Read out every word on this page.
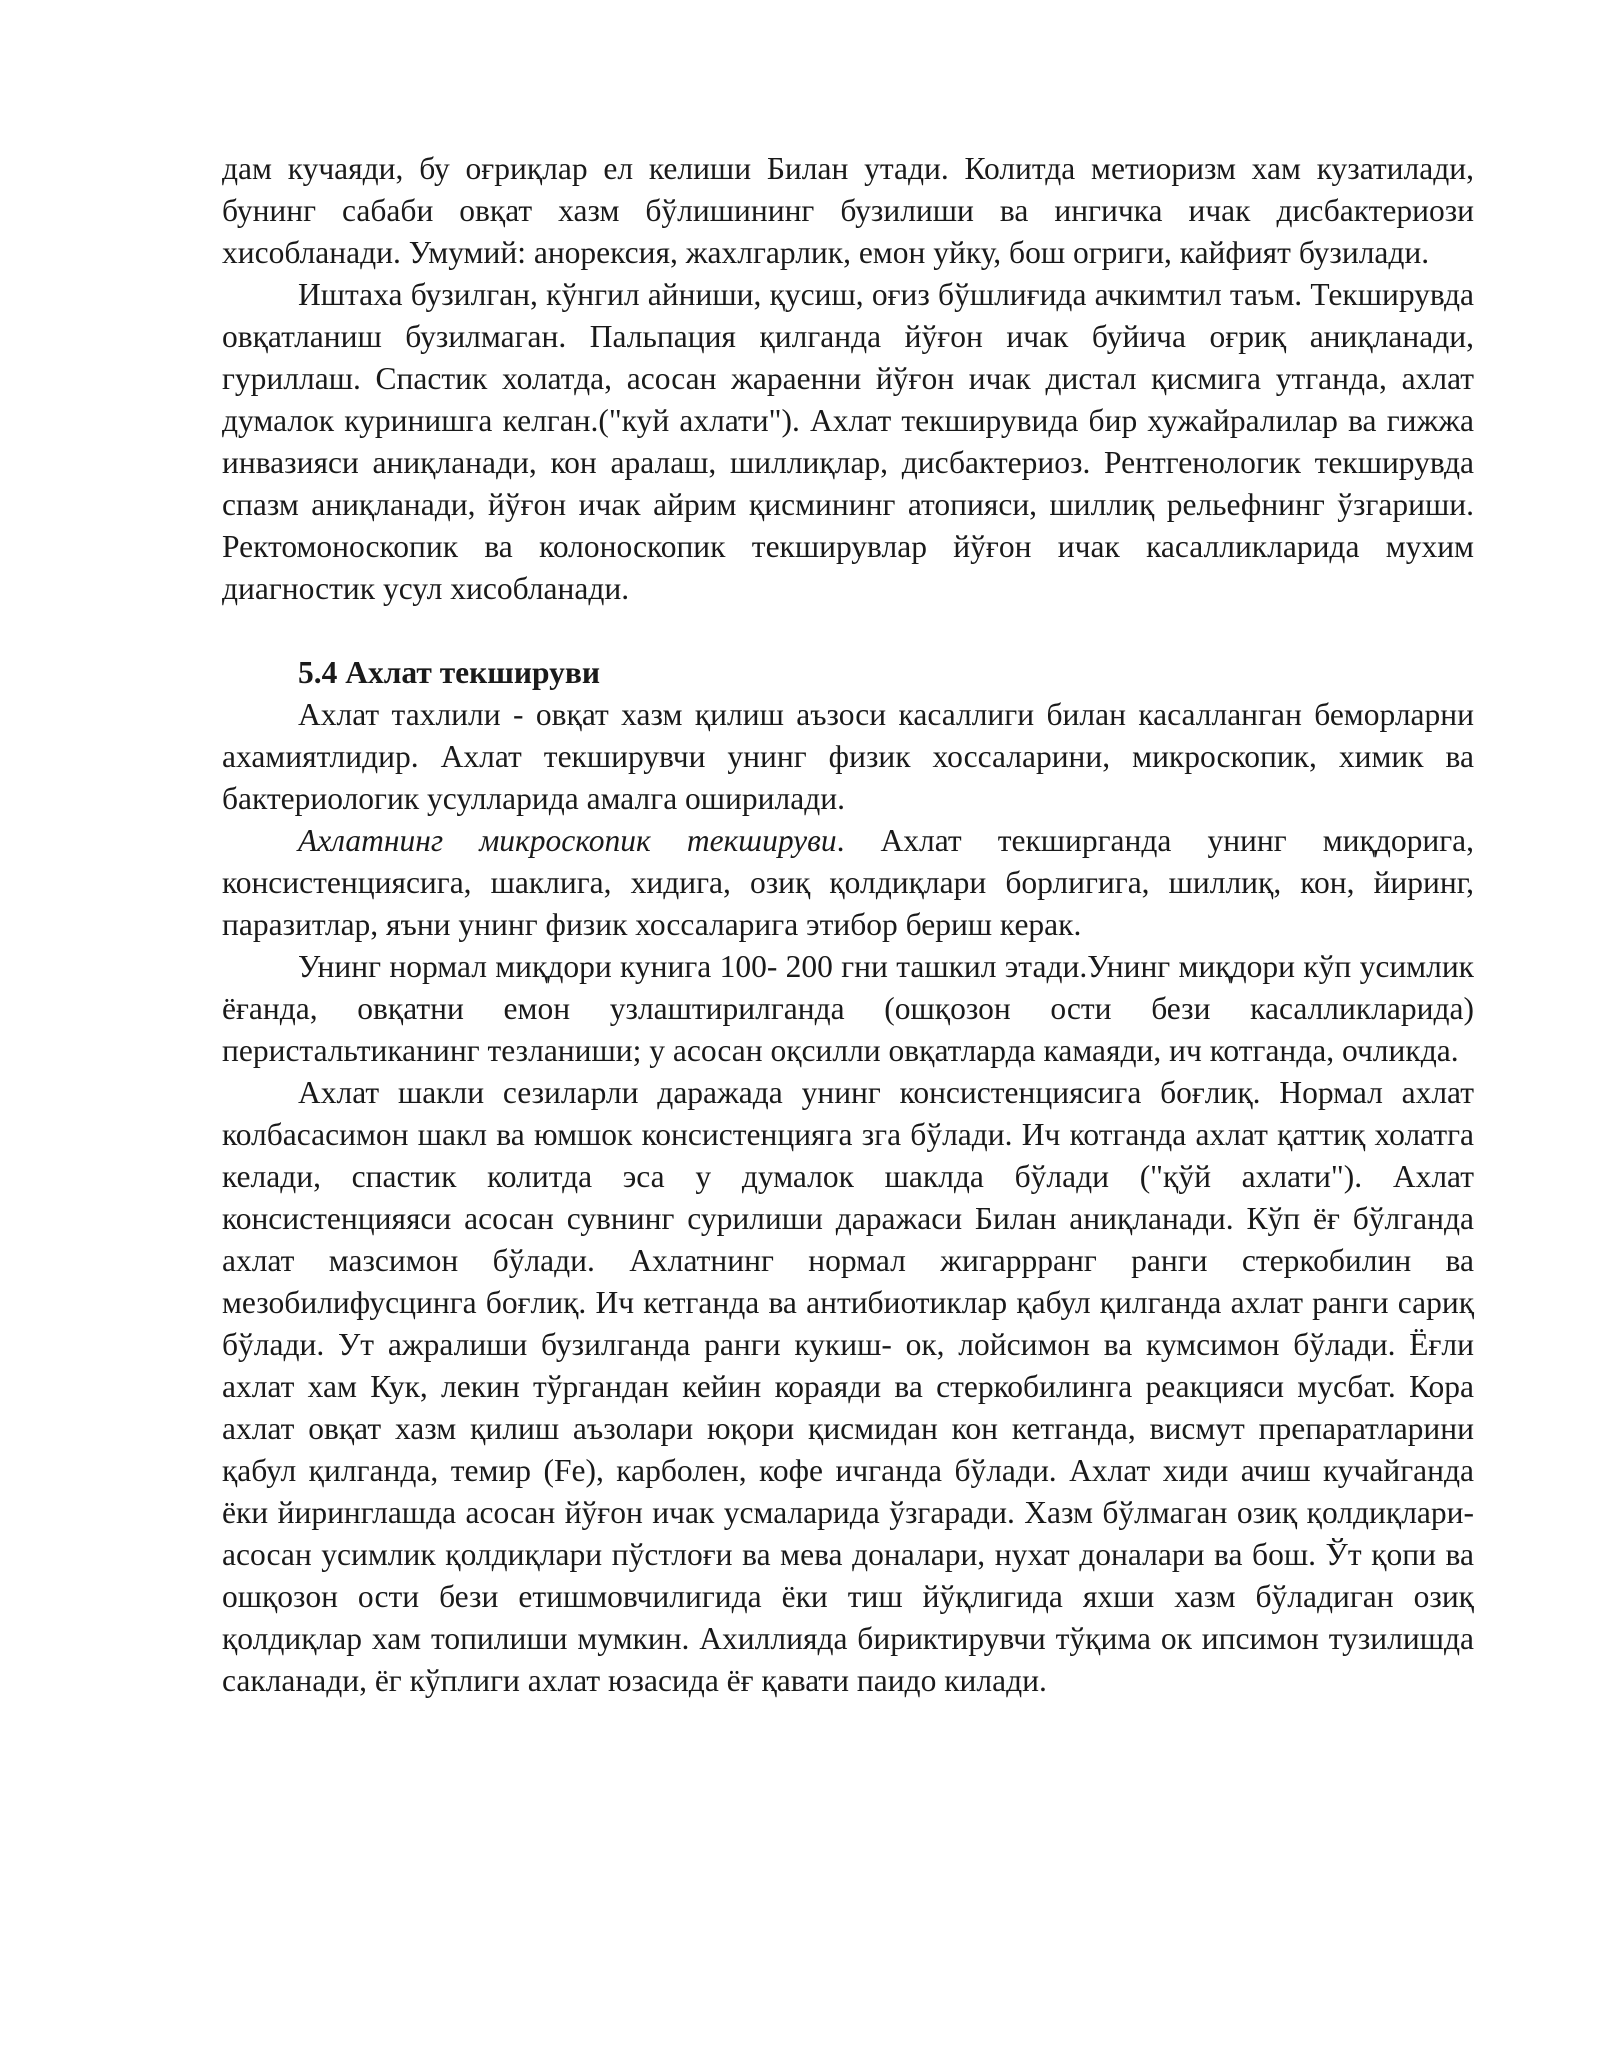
дам кучаяди, бу оғриқлар ел келиши Билан утади. Колитда метиоризм хам кузатилади, бунинг сабаби овқат хазм бўлишининг бузилиши ва ингичка ичак дисбактериози хисобланади. Умумий: анорексия, жахлгарлик, емон уйку, бош огриги, кайфият бузилади.

Иштаха бузилган, кўнгил айниши, қусиш, оғиз бўшлиғида ачкимтил таъм. Текширувда овқатланиш бузилмаган. Пальпация қилганда йўғон ичак буйича оғриқ аниқланади, гуриллаш. Спастик холатда, асосан жараенни йўғон ичак дистал қисмига утганда, ахлат думалок куринишга келган.("куй ахлати"). Ахлат текширувида бир хужайралилар ва гижжа инвазияси аниқланади, кон аралаш, шиллиқлар, дисбактериоз. Рентгенологик текширувда спазм аниқланади, йўғон ичак айрим қисмининг атопияси, шиллиқ рельефнинг ўзгариши. Ректомоноскопик ва колоноскопик текширувлар йўғон ичак касалликларида мухим диагностик усул хисобланади.

5.4 Ахлат текшируви

Ахлат тахлили - овқат хазм қилиш аъзоси касаллиги билан касалланган беморларни ахамиятлидир. Ахлат текширувчи унинг физик хоссаларини, микроскопик, химик ва бактериологик усулларида амалга оширилади.

Ахлатнинг микроскопик текшируви. Ахлат текширганда унинг миқдорига, консистенциясига, шаклига, хидига, озиқ қолдиқлари борлигига, шиллиқ, кон, йиринг, паразитлар, яъни унинг физик хоссаларига этибор бериш керак.

Унинг нормал миқдори кунига 100- 200 гни ташкил этади.Унинг миқдори кўп усимлик ёғанда, овқатни емон узлаштирилганда (ошқозон ости бези касалликларида) перистальтиканинг тезланиши; у асосан оқсилли овқатларда камаяди, ич котганда, очликда.

Ахлат шакли сезиларли даражада унинг консистенциясига боғлиқ. Нормал ахлат колбасасимон шакл ва юмшок консистенцияга зга бўлади. Ич котганда ахлат қаттиқ холатга келади, спастик колитда эса у думалок шаклда бўлади ("қўй ахлати"). Ахлат консистенцияяси асосан сувнинг сурилиши даражаси Билан аниқланади. Кўп ёғ бўлганда ахлат мазсимон бўлади. Ахлатнинг нормал жигаррранг ранги стеркобилин ва мезобилифусцинга боғлиқ. Ич кетганда ва антибиотиклар қабул қилганда ахлат ранги сариқ бўлади. Ут ажралиши бузилганда ранги кукиш- ок, лойсимон ва кумсимон бўлади. Ёғли ахлат хам Кук, лекин тўргандан кейин кораяди ва стеркобилинга реакцияси мусбат. Кора ахлат овқат хазм қилиш аъзолари юқори қисмидан кон кетганда, висмут препаратларини қабул қилганда, темир (Fe), карболен, кофе ичганда бўлади. Ахлат хиди ачиш кучайганда ёки йиринглашда асосан йўғон ичак усмаларида ўзгаради. Хазм бўлмаган озиқ қолдиқлари- асосан усимлик қолдиқлари пўстлоғи ва мева доналари, нухат доналари ва бош. Ўт қопи ва ошқозон ости бези етишмовчилигида ёки тиш йўқлигида яхши хазм бўладиган озиқ қолдиқлар хам топилиши мумкин. Ахиллияда бириктирувчи тўқима ок ипсимон тузилишда сакланади, ёг кўплиги ахлат юзасида ёғ қавати паидо килади.
